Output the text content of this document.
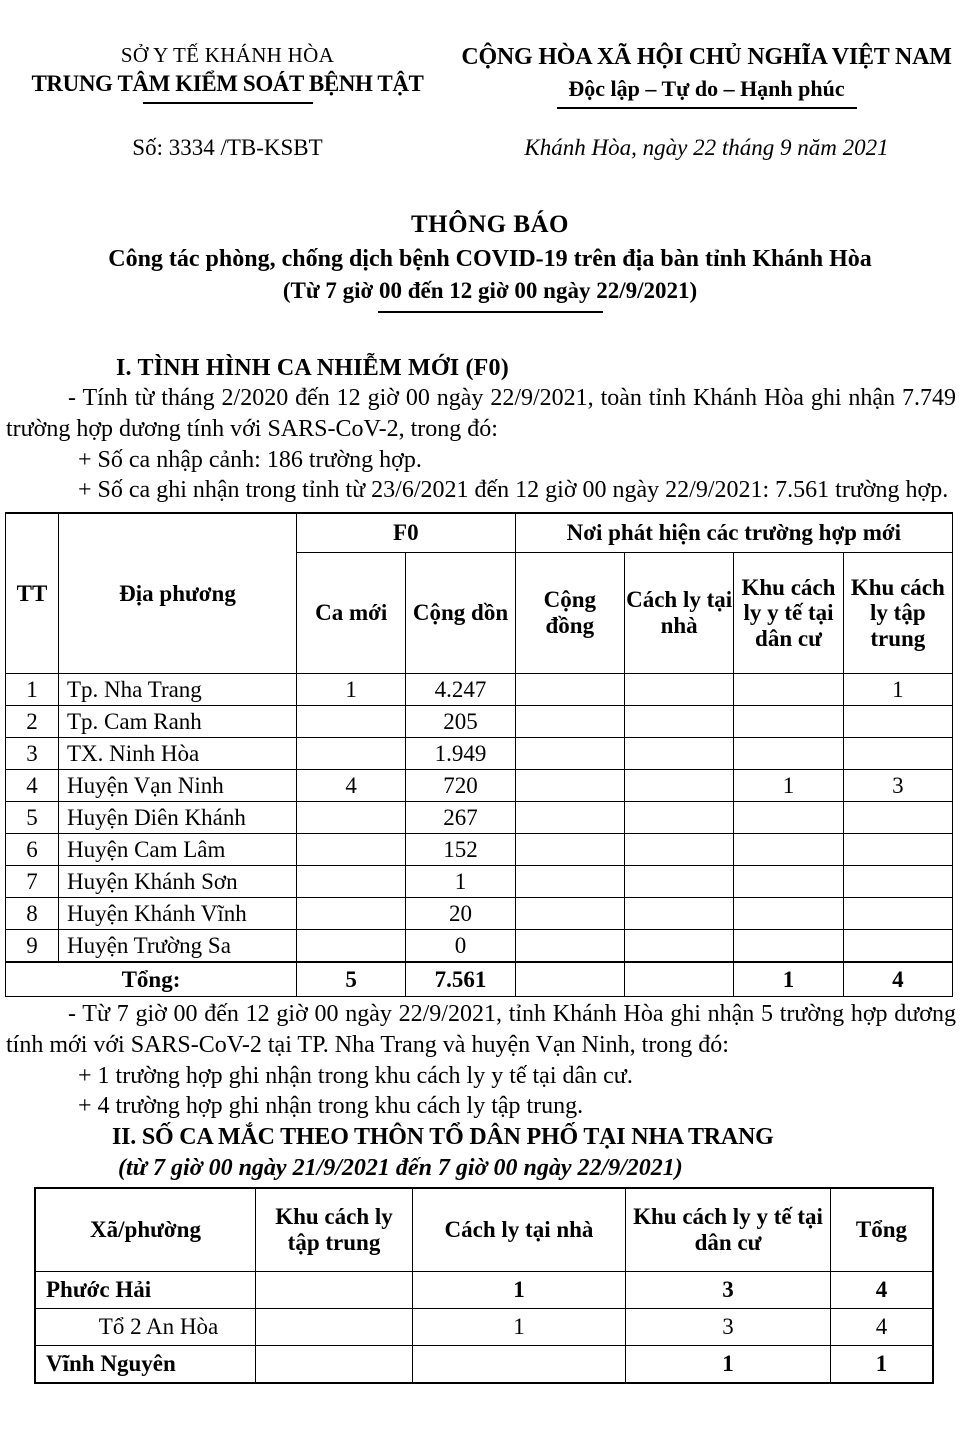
SỞ Y TẾ KHÁNH HÒA
TRUNG TÂM KIỂM SOÁT BỆNH TẬT
CỘNG HÒA XÃ HỘI CHỦ NGHĨA VIỆT NAM
Độc lập – Tự do – Hạnh phúc
Số: 3334 /TB-KSBT	Khánh Hòa, ngày 22 tháng 9 năm 2021
THÔNG BÁO
Công tác phòng, chống dịch bệnh COVID-19 trên địa bàn tỉnh Khánh Hòa
(Từ 7 giờ 00 đến 12 giờ 00 ngày 22/9/2021)
I. TÌNH HÌNH CA NHIỄM MỚI (F0)
- Tính từ tháng 2/2020 đến 12 giờ 00 ngày 22/9/2021, toàn tỉnh Khánh Hòa ghi nhận 7.749 trường hợp dương tính với SARS-CoV-2, trong đó:
+ Số ca nhập cảnh: 186 trường hợp.
+ Số ca ghi nhận trong tỉnh từ 23/6/2021 đến 12 giờ 00 ngày 22/9/2021: 7.561 trường hợp.
TT	Địa phương	F0		Nơi phát hiện các trường hợp mới			
		Ca mới	Cộng dồn	Cộng đồng	Cách ly tại nhà	Khu cách ly y tế tại dân cư	Khu cách ly tập trung
1	Tp. Nha Trang	1	4.247				1
2	Tp. Cam Ranh		205				
3	TX. Ninh Hòa		1.949				
4	Huyện Vạn Ninh	4	720			1	3
5	Huyện Diên Khánh		267				
6	Huyện Cam Lâm		152				
7	Huyện Khánh Sơn		1				
8	Huyện Khánh Vĩnh		20				
9	Huyện Trường Sa		0				
Tổng:		5	7.561			1	4
- Từ 7 giờ 00 đến 12 giờ 00 ngày 22/9/2021, tỉnh Khánh Hòa ghi nhận 5 trường hợp dương tính mới với SARS-CoV-2 tại TP. Nha Trang và huyện Vạn Ninh, trong đó:
+ 1 trường hợp ghi nhận trong khu cách ly y tế tại dân cư.
+ 4 trường hợp ghi nhận trong khu cách ly tập trung.
II. SỐ CA MẮC THEO THÔN TỔ DÂN PHỐ TẠI NHA TRANG
(từ 7 giờ 00 ngày 21/9/2021 đến 7 giờ 00 ngày 22/9/2021)
Xã/phường	Khu cách ly tập trung	Cách ly tại nhà	Khu cách ly y tế tại dân cư	Tổng
Phước Hải		1	3	4
Tổ 2 An Hòa		1	3	4
Vĩnh Nguyên			1	1
